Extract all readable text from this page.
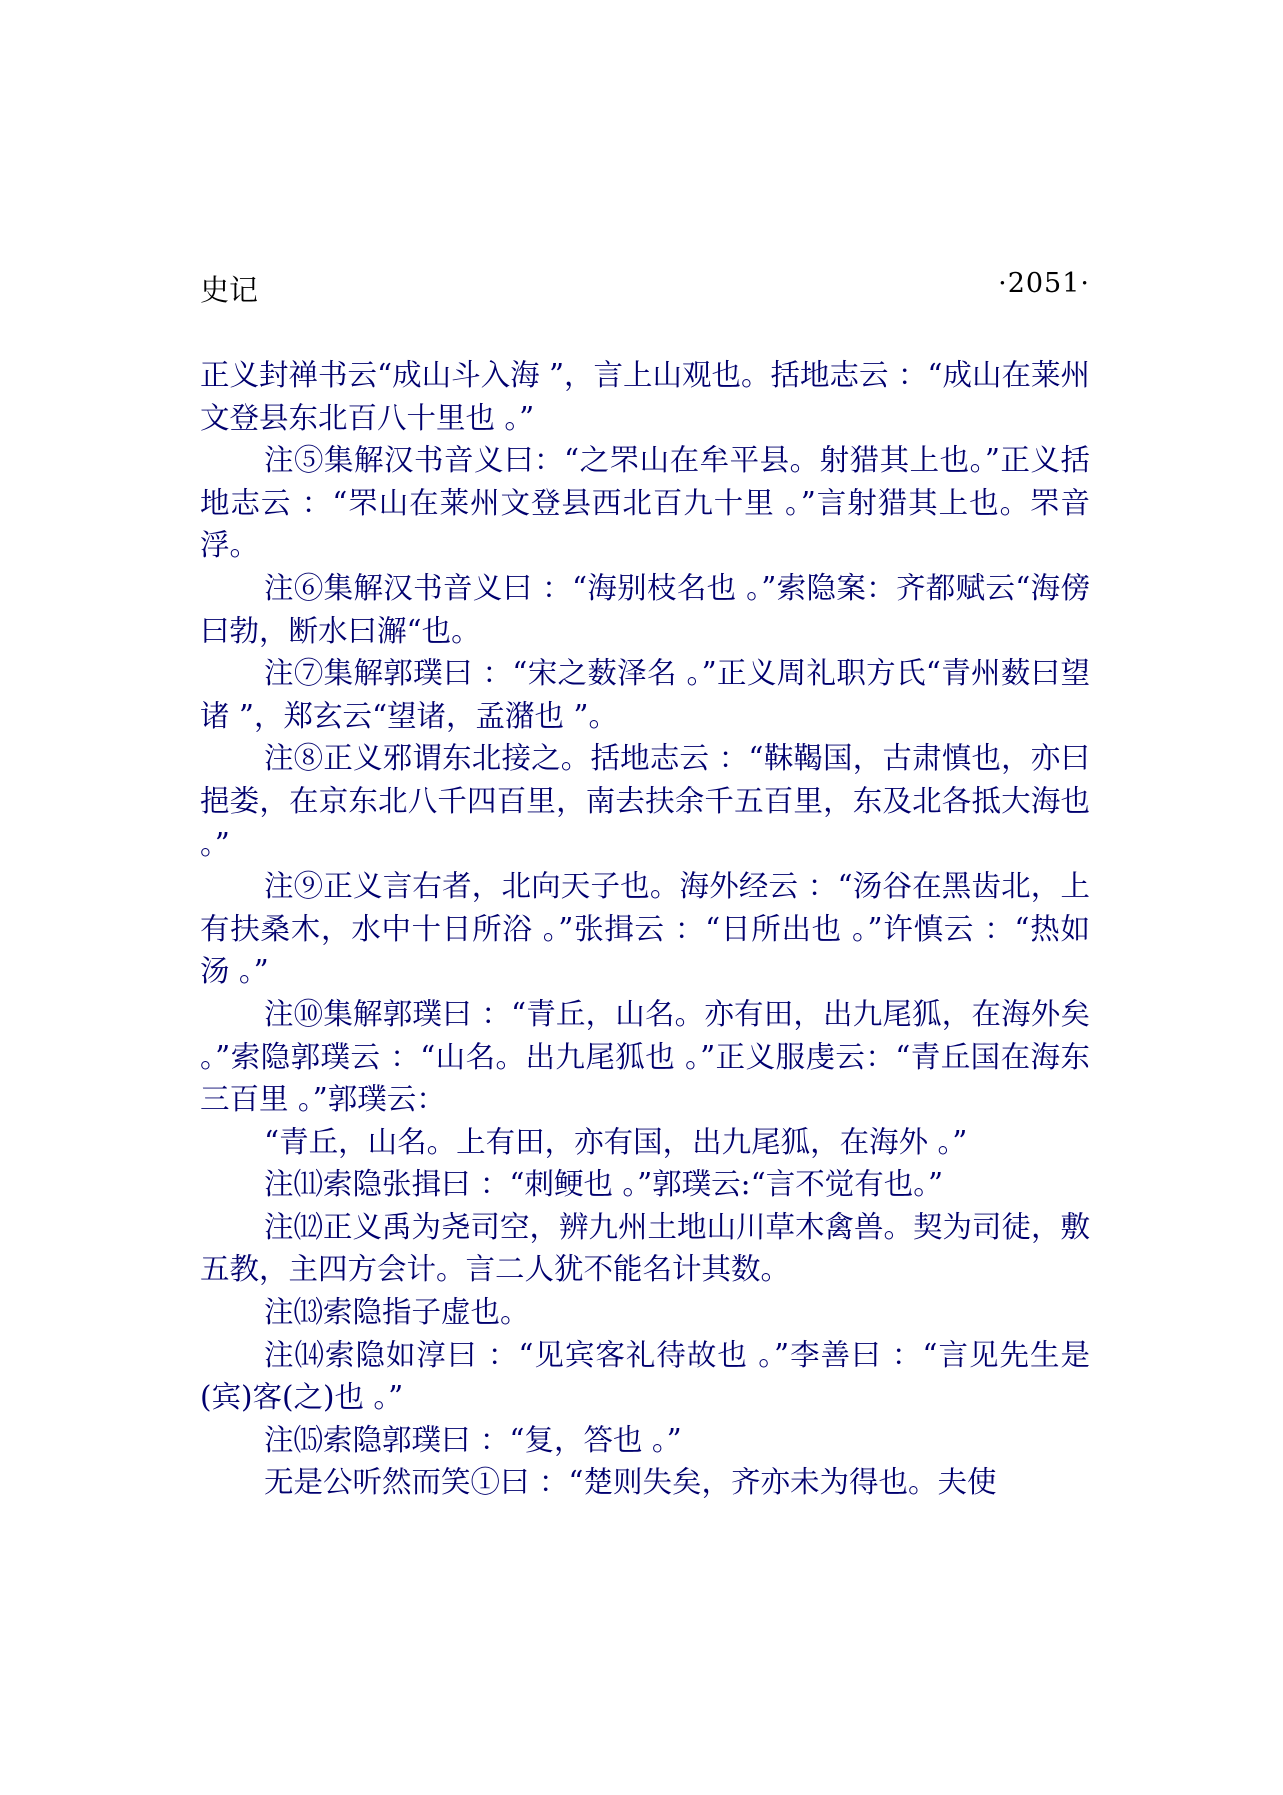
史记	·2051·

正义封禅书云“成山斗入海 ”，言上山观也。括地志云 ：“成山在莱州文登县东北百八十里也 。”

注⑤集解汉书音义曰：“之罘山在牟平县。射猎其上也。”正义括地志云 ：“罘山在莱州文登县西北百九十里 。”言射猎其上也。罘音浮。

注⑥集解汉书音义曰 ：“海别枝名也 。”索隐案：齐都赋云“海傍曰勃，断水曰澥“也。

注⑦集解郭璞曰 ：“宋之薮泽名 。”正义周礼职方氏“青州薮曰望诸 ”，郑玄云“望诸，孟潴也 ”。

注⑧正义邪谓东北接之。括地志云 ：“靺鞨国，古肃慎也，亦曰挹娄，在京东北八千四百里，南去扶余千五百里，东及北各抵大海也 。”

注⑨正义言右者，北向天子也。海外经云 ：“汤谷在黑齿北，上有扶桑木，水中十日所浴 。”张揖云 ：“日所出也 。”许慎云 ：“热如汤 。”

注⑩集解郭璞曰 ：“青丘，山名。亦有田，出九尾狐，在海外矣 。”索隐郭璞云 ：“山名。出九尾狐也 。”正义服虔云：“青丘国在海东三百里 。”郭璞云：

“青丘，山名。上有田，亦有国，出九尾狐，在海外 。”

注⑾索隐张揖曰 ：“刺鲠也 。”郭璞云:“言不觉有也。”

注⑿正义禹为尧司空，辨九州土地山川草木禽兽。契为司徒，敷五教，主四方会计。言二人犹不能名计其数。

注⒀索隐指子虚也。

注⒁索隐如淳曰 ：“见宾客礼待故也 。”李善曰 ：“言见先生是(宾)客(之)也 。”

注⒂索隐郭璞曰 ：“复，答也 。”

无是公听然而笑①曰 ：“楚则失矣，齐亦未为得也。夫使
